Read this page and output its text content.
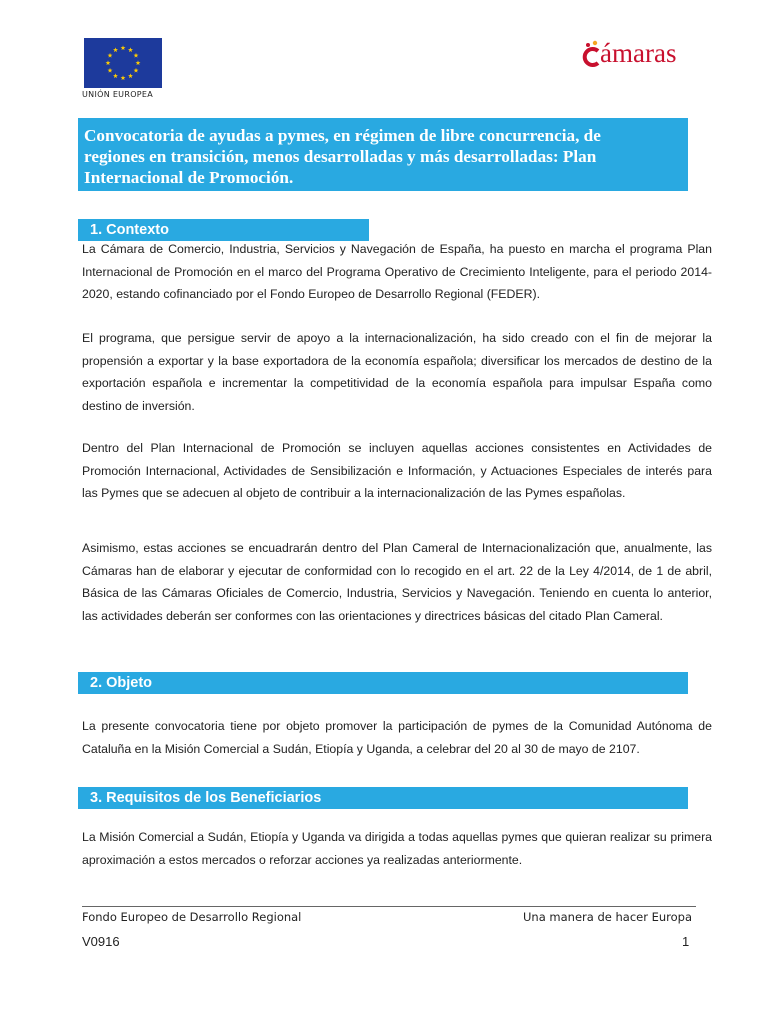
UNIÓN EUROPEA
ámaras

Convocatoria de ayudas a pymes, en régimen de libre concurrencia, de

regiones en transición, menos desarrolladas y más desarrolladas: Plan

Internacional de Promoción.

1. Contexto

La Cámara de Comercio, Industria, Servicios y Navegación de España, ha puesto en marcha el programa Plan Internacional de Promoción en el marco del Programa Operativo de Crecimiento Inteligente, para el periodo 2014-2020, estando cofinanciado por el Fondo Europeo de Desarrollo Regional (FEDER).

El programa, que persigue servir de apoyo a la internacionalización, ha sido creado con el fin de mejorar la propensión a exportar y la base exportadora de la economía española; diversificar los mercados de destino de la exportación española e incrementar la competitividad de la economía española para impulsar España como destino de inversión.

Dentro del Plan Internacional de Promoción se incluyen aquellas acciones consistentes en Actividades de Promoción Internacional, Actividades de Sensibilización e Información, y Actuaciones Especiales de interés para las Pymes que se adecuen al objeto de contribuir a la internacionalización de las Pymes españolas.

Asimismo, estas acciones se encuadrarán dentro del Plan Cameral de Internacionalización que, anualmente, las Cámaras han de elaborar y ejecutar de conformidad con lo recogido en el art. 22 de la Ley 4/2014, de 1 de abril, Básica de las Cámaras Oficiales de Comercio, Industria, Servicios y Navegación. Teniendo en cuenta lo anterior, las actividades deberán ser conformes con las orientaciones y directrices básicas del citado Plan Cameral.

2. Objeto

La presente convocatoria tiene por objeto promover la participación de pymes de la Comunidad Autónoma de Cataluña en la Misión Comercial a Sudán, Etiopía y Uganda, a celebrar del 20 al 30 de mayo de 2107.

3. Requisitos de los Beneficiarios

La Misión Comercial a Sudán, Etiopía y Uganda va dirigida a todas aquellas pymes que quieran realizar su primera aproximación a estos mercados o reforzar acciones ya realizadas anteriormente.

Fondo Europeo de Desarrollo Regional	Una manera de hacer Europa
V0916	1
